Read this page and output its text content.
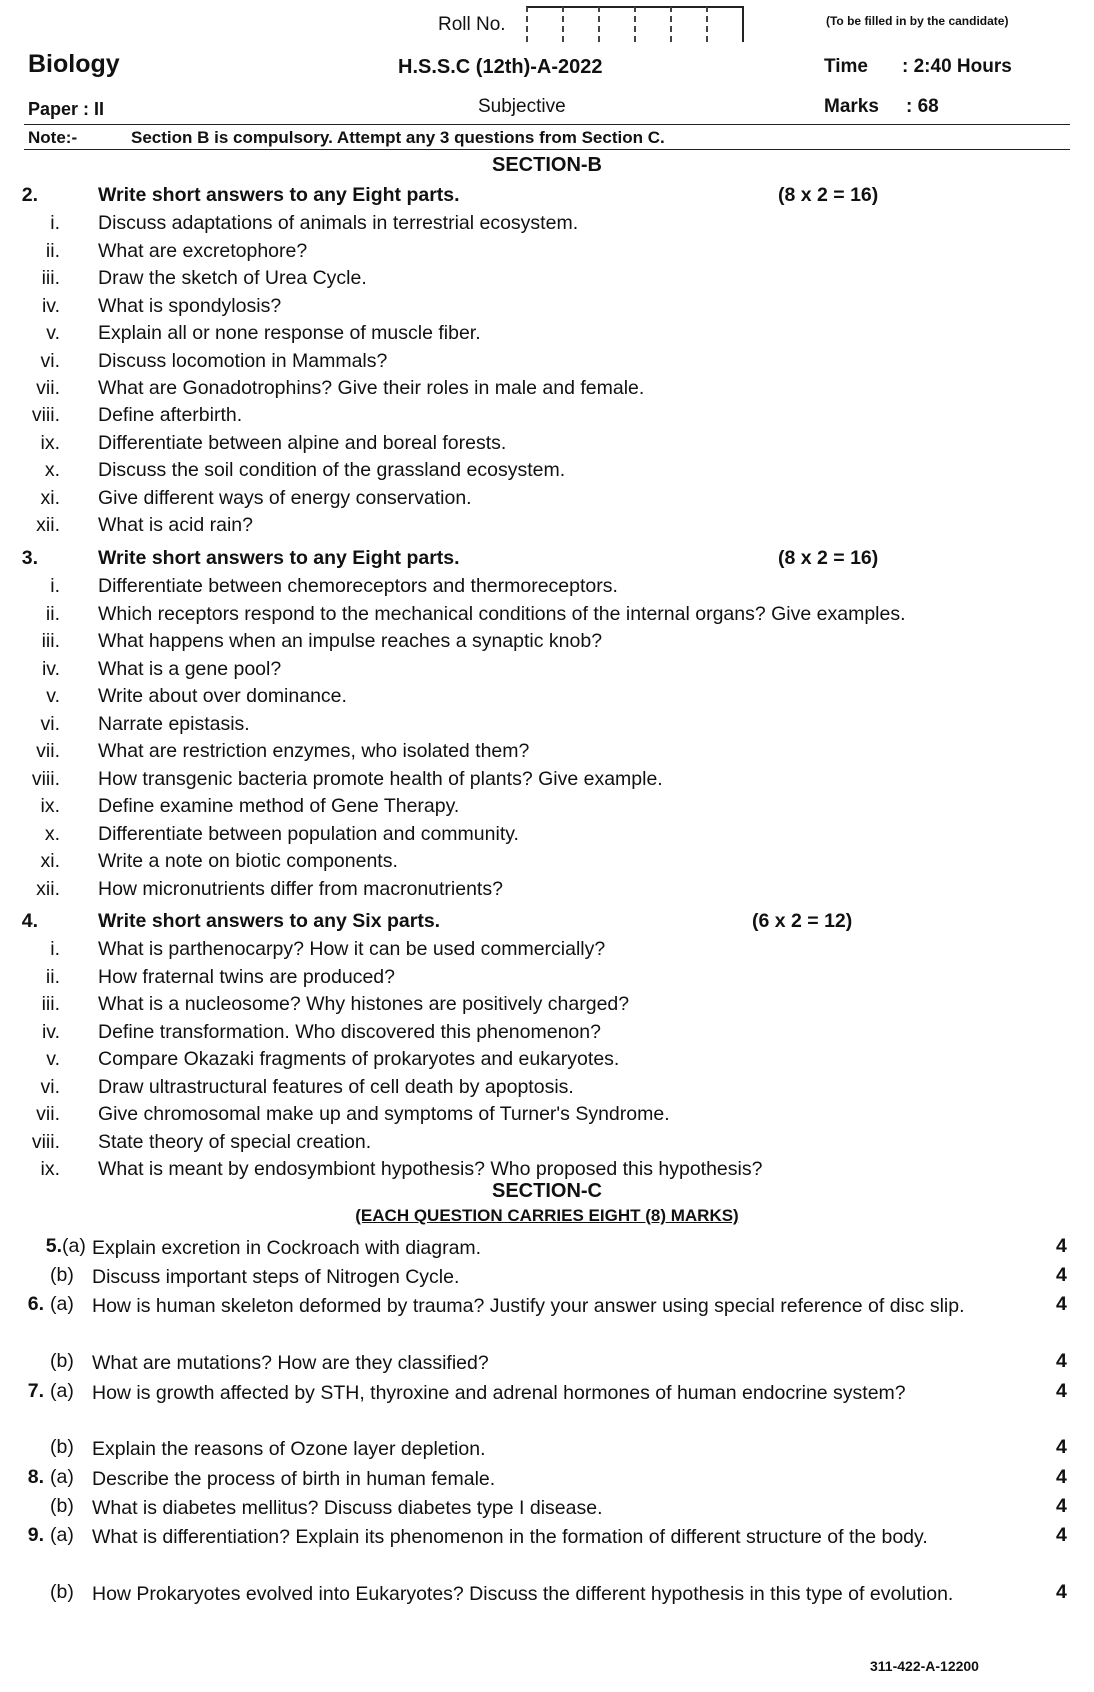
Roll No.	(To be filled in by the candidate)
Biology	H.S.S.C (12th)-A-2022	Time : 2:40 Hours
Paper : II	Subjective	Marks : 68
Note:-	Section B is compulsory. Attempt any 3 questions from Section C.
SECTION-B
2.	Write short answers to any Eight parts.	(8 x 2 = 16)
i. Discuss adaptations of animals in terrestrial ecosystem.
ii. What are excretophore?
iii. Draw the sketch of Urea Cycle.
iv. What is spondylosis?
v. Explain all or none response of muscle fiber.
vi. Discuss locomotion in Mammals?
vii. What are Gonadotrophins? Give their roles in male and female.
viii. Define afterbirth.
ix. Differentiate between alpine and boreal forests.
x. Discuss the soil condition of the grassland ecosystem.
xi. Give different ways of energy conservation.
xii. What is acid rain?
3.	Write short answers to any Eight parts.	(8 x 2 = 16)
i. Differentiate between chemoreceptors and thermoreceptors.
ii. Which receptors respond to the mechanical conditions of the internal organs? Give examples.
iii. What happens when an impulse reaches a synaptic knob?
iv. What is a gene pool?
v. Write about over dominance.
vi. Narrate epistasis.
vii. What are restriction enzymes, who isolated them?
viii. How transgenic bacteria promote health of plants? Give example.
ix. Define examine method of Gene Therapy.
x. Differentiate between population and community.
xi. Write a note on biotic components.
xii. How micronutrients differ from macronutrients?
4.	Write short answers to any Six parts.	(6 x 2 = 12)
i. What is parthenocarpy? How it can be used commercially?
ii. How fraternal twins are produced?
iii. What is a nucleosome? Why histones are positively charged?
iv. Define transformation. Who discovered this phenomenon?
v. Compare Okazaki fragments of prokaryotes and eukaryotes.
vi. Draw ultrastructural features of cell death by apoptosis.
vii. Give chromosomal make up and symptoms of Turner's Syndrome.
viii. State theory of special creation.
ix. What is meant by endosymbiont hypothesis? Who proposed this hypothesis?
SECTION-C
(EACH QUESTION CARRIES EIGHT (8) MARKS)
5. (a) Explain excretion in Cockroach with diagram.	4
(b) Discuss important steps of Nitrogen Cycle.	4
6. (a) How is human skeleton deformed by trauma? Justify your answer using special reference of disc slip.	4
(b) What are mutations? How are they classified?	4
7. (a) How is growth affected by STH, thyroxine and adrenal hormones of human endocrine system?	4
(b) Explain the reasons of Ozone layer depletion.	4
8. (a) Describe the process of birth in human female.	4
(b) What is diabetes mellitus? Discuss diabetes type I disease.	4
9. (a) What is differentiation? Explain its phenomenon in the formation of different structure of the body.	4
(b) How Prokaryotes evolved into Eukaryotes? Discuss the different hypothesis in this type of evolution.	4
311-422-A-12200
